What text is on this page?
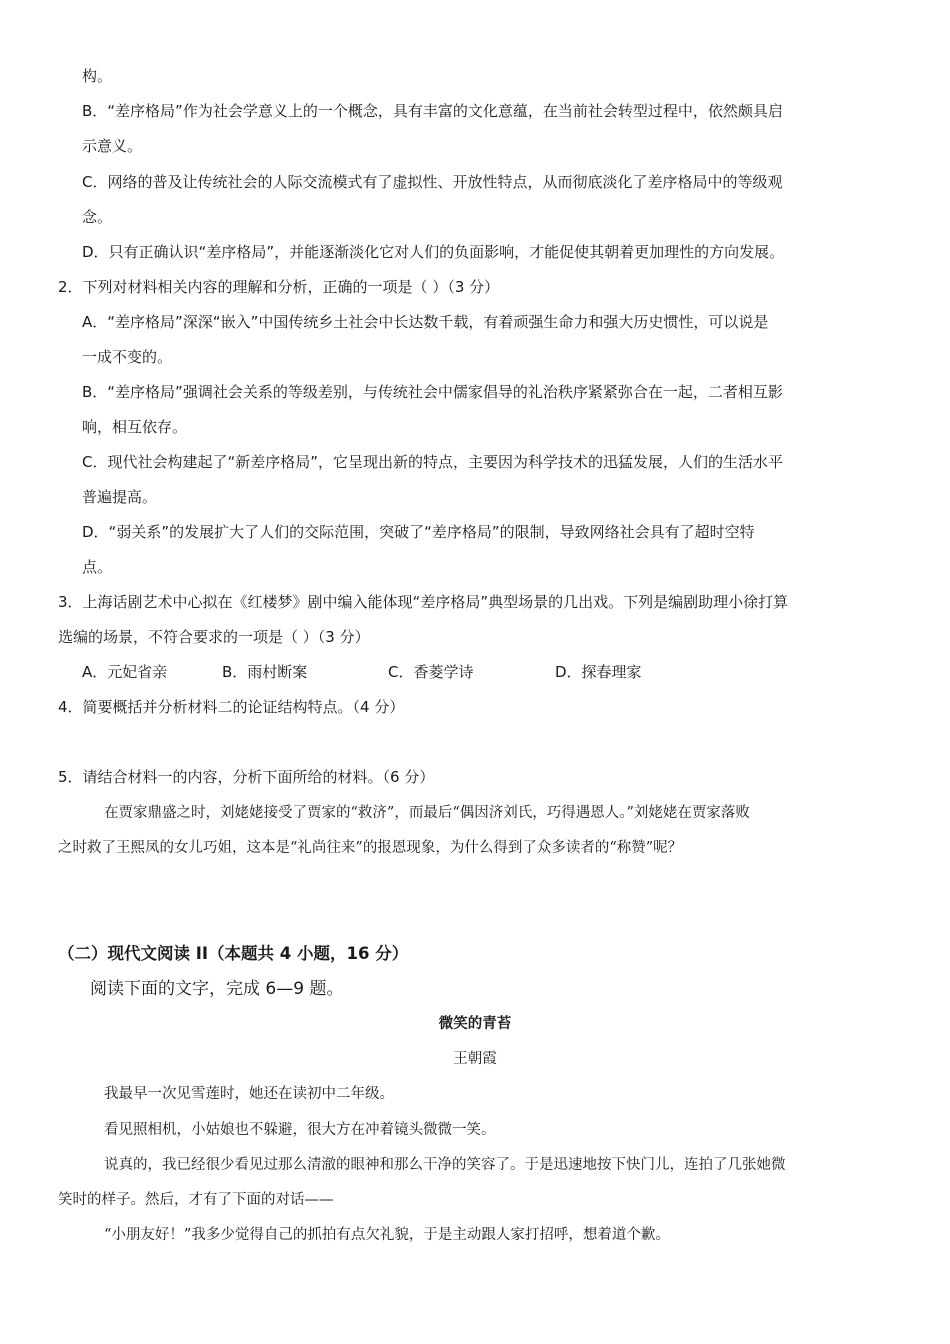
构。
B．“差序格局”作为社会学意义上的一个概念，具有丰富的文化意蕴，在当前社会转型过程中，依然颇具启
示意义。
C．网络的普及让传统社会的人际交流模式有了虚拟性、开放性特点，从而彻底淡化了差序格局中的等级观
念。
D．只有正确认识“差序格局”，并能逐渐淡化它对人们的负面影响，才能促使其朝着更加理性的方向发展。
2．下列对材料相关内容的理解和分析，正确的一项是（ ）（3 分）
A．“差序格局”深深“嵌入”中国传统乡土社会中长达数千载，有着顽强生命力和强大历史惯性，可以说是
一成不变的。
B．“差序格局”强调社会关系的等级差别，与传统社会中儒家倡导的礼治秩序紧紧弥合在一起，二者相互影
响，相互依存。
C．现代社会构建起了“新差序格局”，它呈现出新的特点，主要因为科学技术的迅猛发展，人们的生活水平
普遍提高。
D．“弱关系”的发展扩大了人们的交际范围，突破了“差序格局”的限制，导致网络社会具有了超时空特
点。
3．上海话剧艺术中心拟在《红楼梦》剧中编入能体现“差序格局”典型场景的几出戏。下列是编剧助理小徐打算
选编的场景，不符合要求的一项是（ ）（3 分）
A．元妃省亲	B．雨村断案	C．香菱学诗	D．探春理家
4．简要概括并分析材料二的论证结构特点。（4 分）
5．请结合材料一的内容，分析下面所给的材料。（6 分）
在贾家鼎盛之时，刘姥姥接受了贾家的“救济”，而最后“偶因济刘氏，巧得遇恩人。”刘姥姥在贾家落败
之时救了王熙凤的女儿巧姐，这本是“礼尚往来”的报恩现象，为什么得到了众多读者的“称赞”呢？
（二）现代文阅读 II（本题共 4 小题，16 分）
阅读下面的文字，完成 6—9 题。
微笑的青苔
王朝霞
我最早一次见雪莲时，她还在读初中二年级。
看见照相机，小姑娘也不躲避，很大方在冲着镜头微微一笑。
说真的，我已经很少看见过那么清澈的眼神和那么干净的笑容了。于是迅速地按下快门儿，连拍了几张她微
笑时的样子。然后，才有了下面的对话——
“小朋友好！”我多少觉得自己的抓拍有点欠礼貌，于是主动跟人家打招呼，想着道个歉。
